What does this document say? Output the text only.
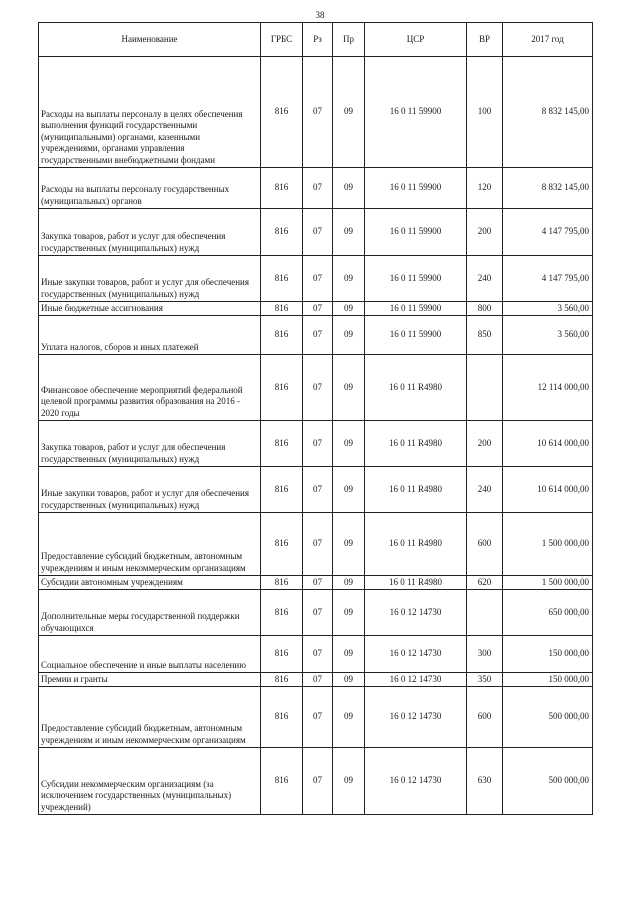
38
Наименование	ГРБС	Рз	Пр	ЦСР	ВР	2017 год
Расходы на выплаты персоналу в целях обеспечения выполнения функций государственными (муниципальными) органами, казенными учреждениями, органами управления государственными внебюджетными фондами	816	07	09	16 0 11 59900	100	8 832 145,00
Расходы на выплаты персоналу государственных (муниципальных) органов	816	07	09	16 0 11 59900	120	8 832 145,00
Закупка товаров, работ и услуг для обеспечения государственных (муниципальных) нужд	816	07	09	16 0 11 59900	200	4 147 795,00
Иные закупки товаров, работ и услуг для обеспечения государственных (муниципальных) нужд	816	07	09	16 0 11 59900	240	4 147 795,00
Иные бюджетные ассигнования	816	07	09	16 0 11 59900	800	3 560,00
Уплата налогов, сборов и иных платежей	816	07	09	16 0 11 59900	850	3 560,00
Финансовое обеспечение мероприятий федеральной целевой программы развития образования на 2016 - 2020 годы	816	07	09	16 0 11 R4980		12 114 000,00
Закупка товаров, работ и услуг для обеспечения государственных (муниципальных) нужд	816	07	09	16 0 11 R4980	200	10 614 000,00
Иные закупки товаров, работ и услуг для обеспечения государственных (муниципальных) нужд	816	07	09	16 0 11 R4980	240	10 614 000,00
Предоставление субсидий бюджетным, автономным учреждениям и иным некоммерческим организациям	816	07	09	16 0 11 R4980	600	1 500 000,00
Субсидии автономным учреждениям	816	07	09	16 0 11 R4980	620	1 500 000,00
Дополнительные меры государственной поддержки обучающихся	816	07	09	16 0 12 14730		650 000,00
Социальное обеспечение и иные выплаты населению	816	07	09	16 0 12 14730	300	150 000,00
Премии и гранты	816	07	09	16 0 12 14730	350	150 000,00
Предоставление субсидий бюджетным, автономным учреждениям и иным некоммерческим организациям	816	07	09	16 0 12 14730	600	500 000,00
Субсидии некоммерческим организациям (за исключением государственных (муниципальных) учреждений)	816	07	09	16 0 12 14730	630	500 000,00
